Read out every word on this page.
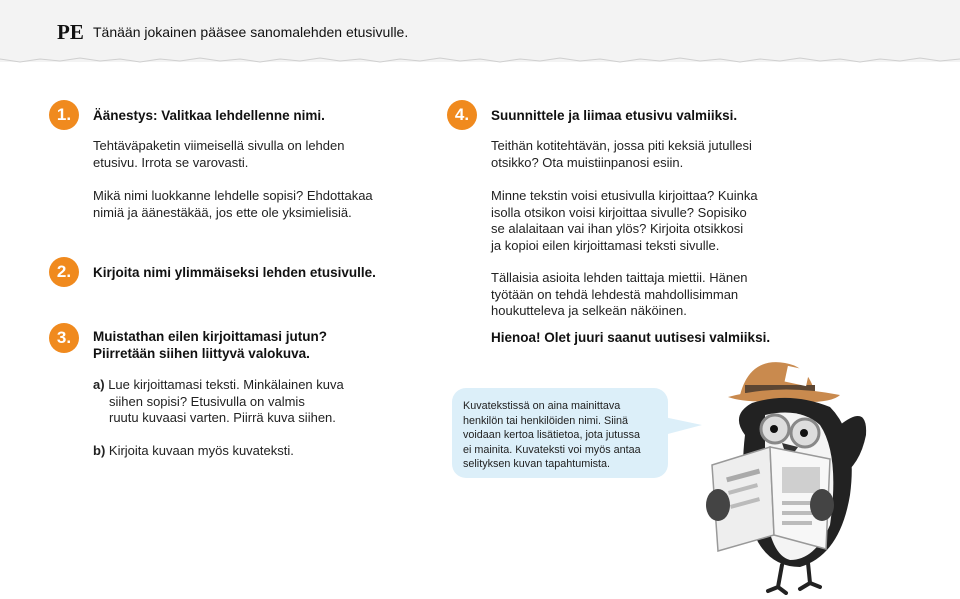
PE Tänään jokainen pääsee sanomalehden etusivulle.
1.	Äänestys: Valitkaa lehdellenne nimi.
Tehtäväpaketin viimeisellä sivulla on lehden
etusivu. Irrota se varovasti.
Mikä nimi luokkanne lehdelle sopisi? Ehdottakaa
nimiä ja äänestäkää, jos ette ole yksimielisiä.
2.	Kirjoita nimi ylimmäiseksi lehden etusivulle.
3.	Muistathan eilen kirjoittamasi jutun?
Piirretään siihen liittyvä valokuva.
a) Lue kirjoittamasi teksti. Minkälainen kuva
siihen sopisi? Etusivulla on valmis
ruutu kuvaasi varten. Piirrä kuva siihen.
b) Kirjoita kuvaan myös kuvateksti.
4.	Suunnittele ja liimaa etusivu valmiiksi.
Teithän kotitehtävän, jossa piti keksiä jutullesi
otsikko? Ota muistiinpanosi esiin.
Minne tekstin voisi etusivulla kirjoittaa? Kuinka
isolla otsikon voisi kirjoittaa sivulle? Sopisiko
se alalaitaan vai ihan ylös? Kirjoita otsikkosi
ja kopioi eilen kirjoittamasi teksti sivulle.
Tällaisia asioita lehden taittaja miettii. Hänen
työtään on tehdä lehdestä mahdollisimman
houkutteleva ja selkeän näköinen.
Hienoa! Olet juuri saanut uutisesi valmiiksi.
Kuvatekstissä on aina mainittava
henkilön tai henkilöiden nimi. Siinä
voidaan kertoa lisätietoa, jota jutussa
ei mainita. Kuvateksti voi myös antaa
selityksen kuvan tapahtumista.
